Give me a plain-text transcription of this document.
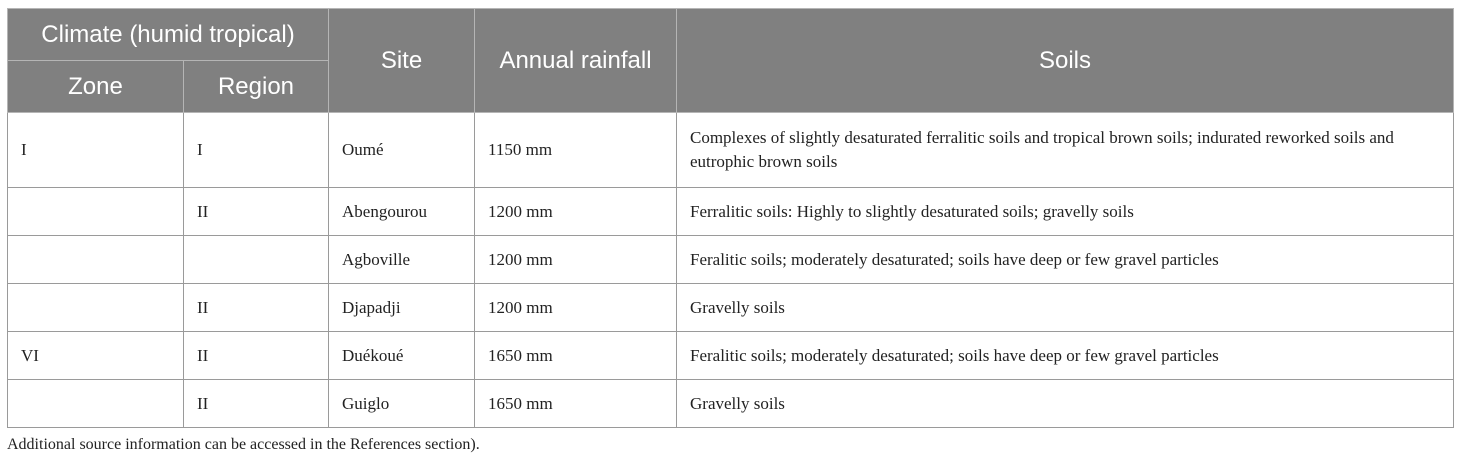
Climate (humid tropical)		Site	Annual rainfall	Soils
Zone	Region			
I	I	Oumé	1150 mm	Complexes of slightly desaturated ferralitic soils and tropical brown soils; indurated reworked soils and eutrophic brown soils
	II	Abengourou	1200 mm	Ferralitic soils: Highly to slightly desaturated soils; gravelly soils
		Agboville	1200 mm	Feralitic soils; moderately desaturated; soils have deep or few gravel particles
	II	Djapadji	1200 mm	Gravelly soils
VI	II	Duékoué	1650 mm	Feralitic soils; moderately desaturated; soils have deep or few gravel particles
	II	Guiglo	1650 mm	Gravelly soils
Additional source information can be accessed in the References section).
